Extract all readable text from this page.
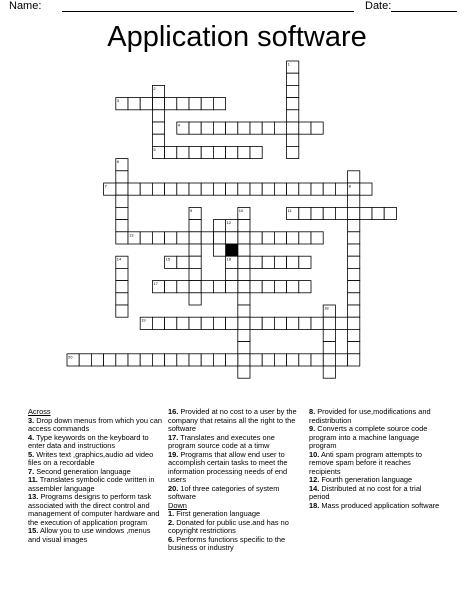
Name:	Date:
Application software
1
2
5
8
6
9	10
12
16
14
18
3
4
7
11
13
15
17
19
20
Across
3. Drop down menus from which you can access commands
4. Type keywords on the keyboard to enter data and instructions
5. Writes text ,graphics,audio ad video files on a recordable
7. Second generation language
11. Translates symbolic code written in assembler language
13. Programs designs to perform task associated with the direct control and management of computer hardware and the execution of application program
15. Allow you to use windows ,menus and visual images
16. Provided at no cost to a user by the company that retains all the right to the software
17. Translates and executes one program source code at a timw
19. Programs that allow end user to accomplish certain tasks to meet the information processing needs of end users
20. 1of three categories of system software
Down
1. First generation language
2. Donated for public use.and has no copyright restrictions
6. Performs functions specific to the business or industry
8. Provided for use,modifications and redistribution
9. Converts a complete source code program into a machine language program
10. Anti spam program attempts to remove spam before it reaches recipients
12. Fourth generation language
14. Distributed at no cost for a trial period
18. Mass produced application software
